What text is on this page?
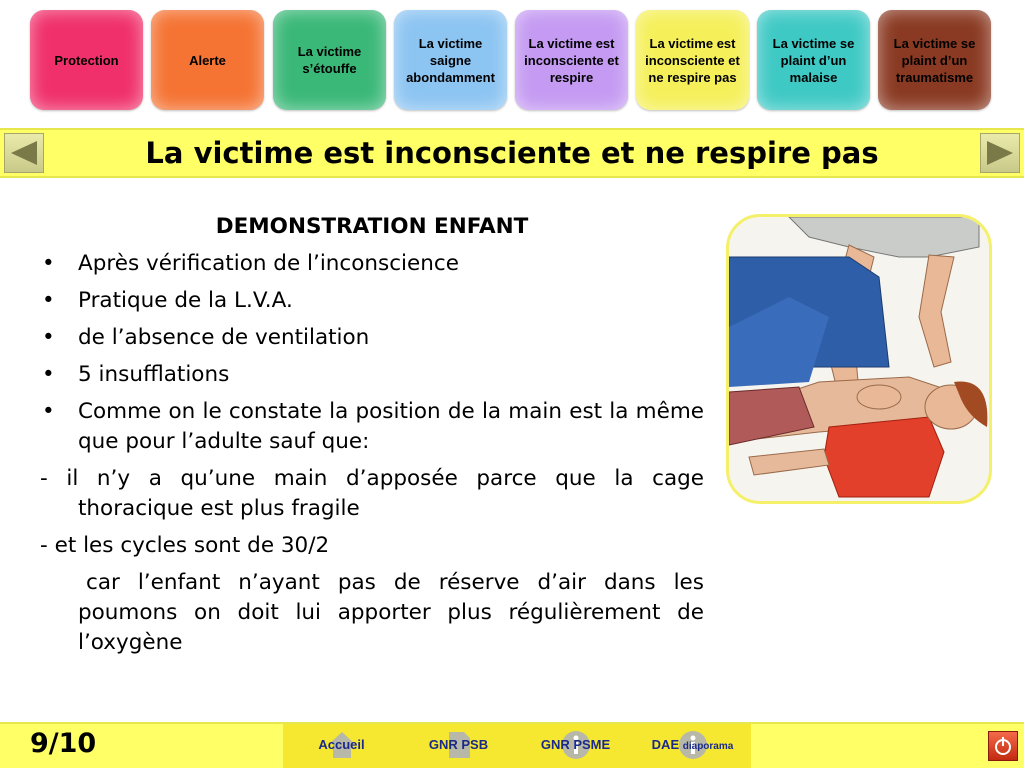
Protection	Alerte
La victime s’étouffe
La victime saigne abondamment
La victime est inconsciente et respire
La victime est inconsciente et ne respire pas
La victime se plaint d’un malaise
La victime se plaint d’un traumatisme
La victime est inconsciente et ne respire pas
DEMONSTRATION ENFANT
• Après vérification de l’inconscience
• Pratique de la L.V.A.
• de l’absence de ventilation
• 5 insufflations
• Comme on le constate la position de la main est la même que pour l’adulte sauf que:
- il n’y a qu’une main d’apposée parce que la cage thoracique est plus fragile
- et les cycles sont de 30/2
car l’enfant n’ayant pas de réserve d’air dans les poumons on doit lui apporter plus régulièrement de l’oxygène
9/10	Accueil	GNR PSB	GNR PSME	DAE diaporama
